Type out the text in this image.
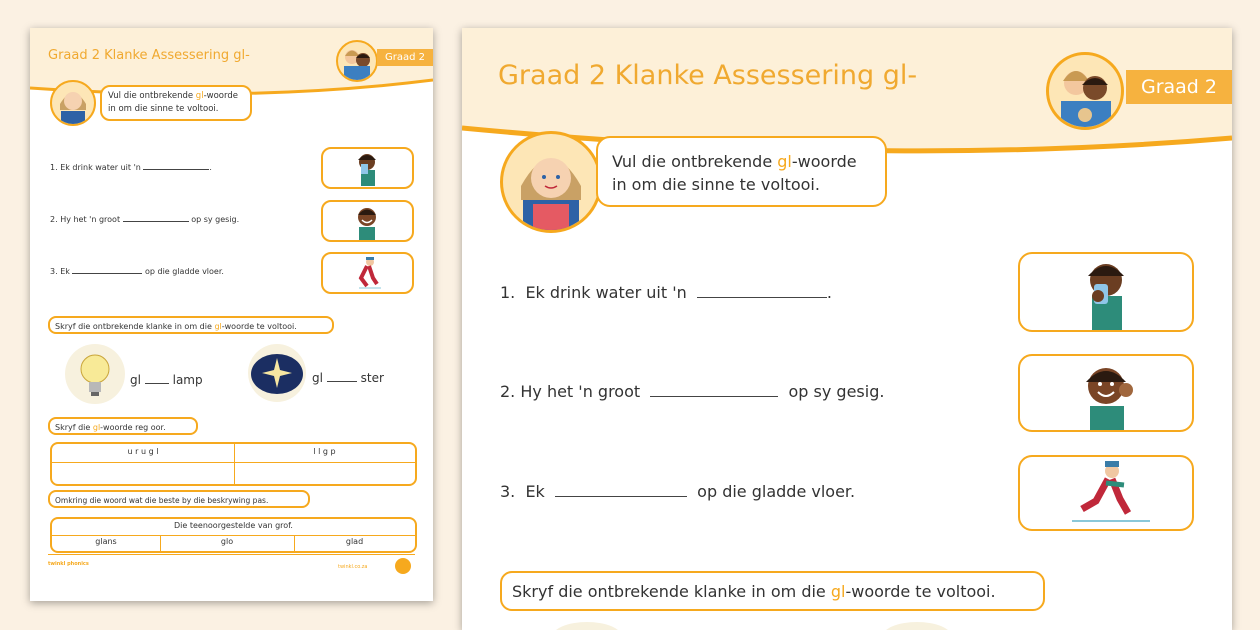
Graad 2 Klanke Assessering gl-	Graad 2
Vul die ontbrekende gl-woorde
in om die sinne te voltooi.
1. Ek drink water uit 'n	.
2. Hy het 'n groot	op sy gesig.
3. Ek	op die gladde vloer.
Skryf die ontbrekende klanke in om die gl-woorde te voltooi.
gl	lamp	gl	ster
Skryf die gl-woorde reg oor.
u r u g l	l l g p
Omkring die woord wat die beste by die beskrywing pas.
Die teenoorgestelde van grof.
glans	glo	glad
twinkl phonics	twinkl.co.za
Graad 2 Klanke Assessering gl-	Graad 2
Vul die ontbrekende gl-woorde
in om die sinne te voltooi.
1. Ek drink water uit 'n	.
2. Hy het 'n groot	op sy gesig.
3. Ek	op die gladde vloer.
Skryf die ontbrekende klanke in om die gl-woorde te voltooi.
